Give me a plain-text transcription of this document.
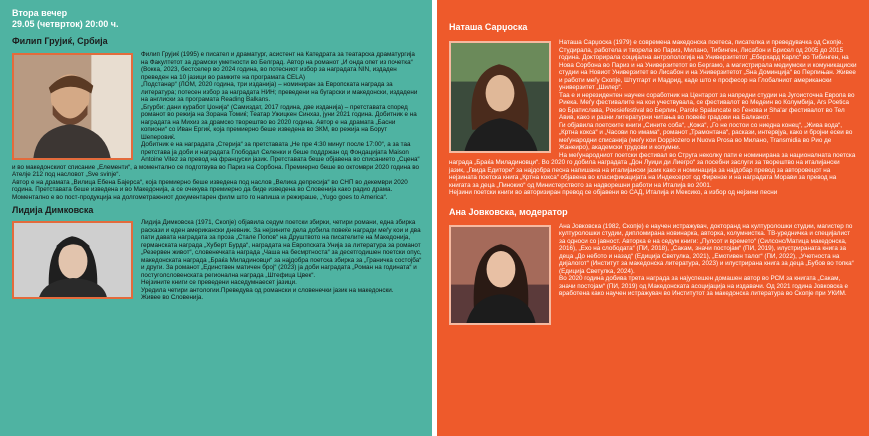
Втора вечер
29.05 (четврток) 20:00 ч.
Филип Грујиќ, Србија

Филип Грујиќ (1995) е писател и драматург, асистент на Катедрата за театарска драматургија на Факултетот за драмски уметности во Белград. Автор на романот „И онда опет из почетка“ (Вокка, 2023, бестселер во 2024 година, во потесниот избор за наградата NIN, издаден преведен на 10 јазици во рамките на програмата CELA)

„Подстанар“ (ЛОМ, 2020 година, три изданија) – номиниран за Европската награда за литература; потесен избор за наградата НИН; преведени на бугарски и македонски, издадени на англиски за програмата Reading Balkans.

„Бгурби: дани куработ Џонија“ (Самиздат, 2017 година, две изданија) – претставата според романот во режија на Зорана Томиќ; Театар Ужицкен Синхаз, јуни 2021 година. Добитник е на наградата на Михиз за драмско творештво во 2020 година. Автор е на драмата „Басни копиони“ со Иван Ергиќ, која премиерно беше изведена во ЗКМ, во режија на Борут Шеперовиќ.

Добитник е на наградата „Стерија“ за претставата „Не пре 4:30 минут после 17:00“, а за таа претстава ја доби и наградата Глободал Селенки и беше поддржан од Фондацијата Maison Antoine Vitez за превод на француски јазик. Претставата беше објавена во списанието „Сцена“ и во македонскиот списание „Елементи“, а моментално се подготвува во Париз на Сорбона. Премиерно беше во октомври 2020 година во Ателје 212 под насловот „Sve svinje“.

Автор е на драмата „Вилица Ебена Бајерса“, која премиерно беше изведена под наслов „Велика депресија“ во СНП во декември 2020 година. Претставата беше изведена и во Македонија, а се очекува премиерно да биде изведена во Словенија како радио драма. Моментално е во пост-продукција на долгометражниот документарен филм што го напиша и режираше, „Yugo goes to America“.

Лидија Димковска

Лидија Димковска (1971, Скопје) објавила седум поетски збирки, четири романи, една збирка раскази и еден американски дневник. За нејзините дела добила повеќе награди меѓу кои и два пати давата наградата за проза „Стале Попов“ на Друштвото на писателите на Македонија, германската награда „Хуберт Бурда“, наградата на Европската Унија за литература за романот „Резервен живот“, словенечката награда „Чаша на бесмртноста“ за десетгодишен поетски опус, македонската награда „Браќа Миладиновци“ за најдобра поетска збирка за „Граничка состојба“ и други. За романот „Единствен матичен број“ (2023) ја доби наградата „Роман на годината“ и постуголсловенската регионална награда „Штефица Цвек“.

Нејзините книги се преведени наседумнаесет јазици.

Уредила четири антологии.Преведува од романски и словенечки јазик на македонски.

Живее во Словенија.

Наташа Сарџоска

Наташа Сарџоска (1979) е современа македонска поетеса, писателка и преведувачка од Скопје. Студирала, работела и творела во Париз, Милано, Тибинген, Лисабон и Брисел од 2005 до 2015 година. Докторирала социјална антропологија на Универзитетот „Еберхард Карлс“ во Тибинген, на Нова Сорбона во Париз и на Универзитетот во Бергамо, а магистрирала медиумски и комуникациски студии на Новиот Универзитет во Лисабон и на Универзитетот „Ѕна Доминција“ во Перпињан. Живее и работи меѓу Скопје, Штутгарт и Мадрид, каде што е професор на Глобалниот американски универзитет „Шилер“.

Таа е и нерезидентен научен соработник на Центарот за напредни студии на Југоисточна Европа во Риека. Меѓу фестивалите на кои учествувала, се фестивалот во Медеин во Колумбија, Ars Poetica во Братислава, Poesiefestival во Берлин, Parole Spalancate во Ѓенова и Sha'ar фестивалот во Тел Авив, како и разни литературни читања во повеќе градови на Балканот.

Ги објавила поетските книги „Сините соба“, „Кожа“, „Го не постои со ниедна конец“, „Жива вода“, „Кртна кокса“ и „Часови по имама“, романот „Трамонтана“, раскази, интервјуа, како и бројни есеи во меѓународни списанија (меѓу кои Doppiozero и Nuova Prosa во Милано, Transmidia во Рио де Жанеиро), академски трудови и колумни.

На меѓународниот поетски фестивал во Струга неколку пати е номинирана за националната поетска награда „Браќа Миладиновци“. Во 2020 го добила наградата „Дон Луиџи ди Лиегро“ за посебни заслуги за творештво на италијански јазик, „Гвида Едиторе“ за најдобра песна напишана на италијански јазик како и номинација за најдобар превод за авторовецот на нејзината поетска книга „Кртна кокса“ објавена во класификацијата на Индексерот од Фирензе и на наградата Морави за превод на книгата за деца „Пинокио“ од Министерството за надворешни работи на Италија во 2001.

Нејзини поетски книги во авторизиран превод се објавени во САД, Италија и Мексико, а избор од нејзини песни

Ана Јовковска, модератор

Ана Јовковска (1982, Скопје) е научен истражувач, докторанд на културолошки студии, магистер по културолошки студии, дипломирана новинарка, авторка, колумнистка. ТВ-уредничка и специјалист за односи со јавност. Авторка е на седум книги: „Пулсот и времето“ (Силсонс/Матица македонска, 2016), „Ехо на слободата“ (ПИ, 2018), „Сакам, значи постојам“ (ПИ, 2019), илустрираната книга за деца „До небото и назад“ (Едиција Светулка, 2021), „Емотивен талог“ (ПИ, 2022), „Учетноста на дијалогот“ (Институт за македонска литература, 2023) и илустрирана книга за деца „Бубов во топка“ (Едиција Светулка, 2024).

Во 2020 година добива трета награда за најуспешен домашен автор во РСМ за книгата „Сакам, значи постојам“ (ПИ, 2019) од Македонската асоцијација на издавачи. Од 2021 година Јовковска е вработена како научен истражувач во Институтот за македонска литература во Скопје при УКИМ.
